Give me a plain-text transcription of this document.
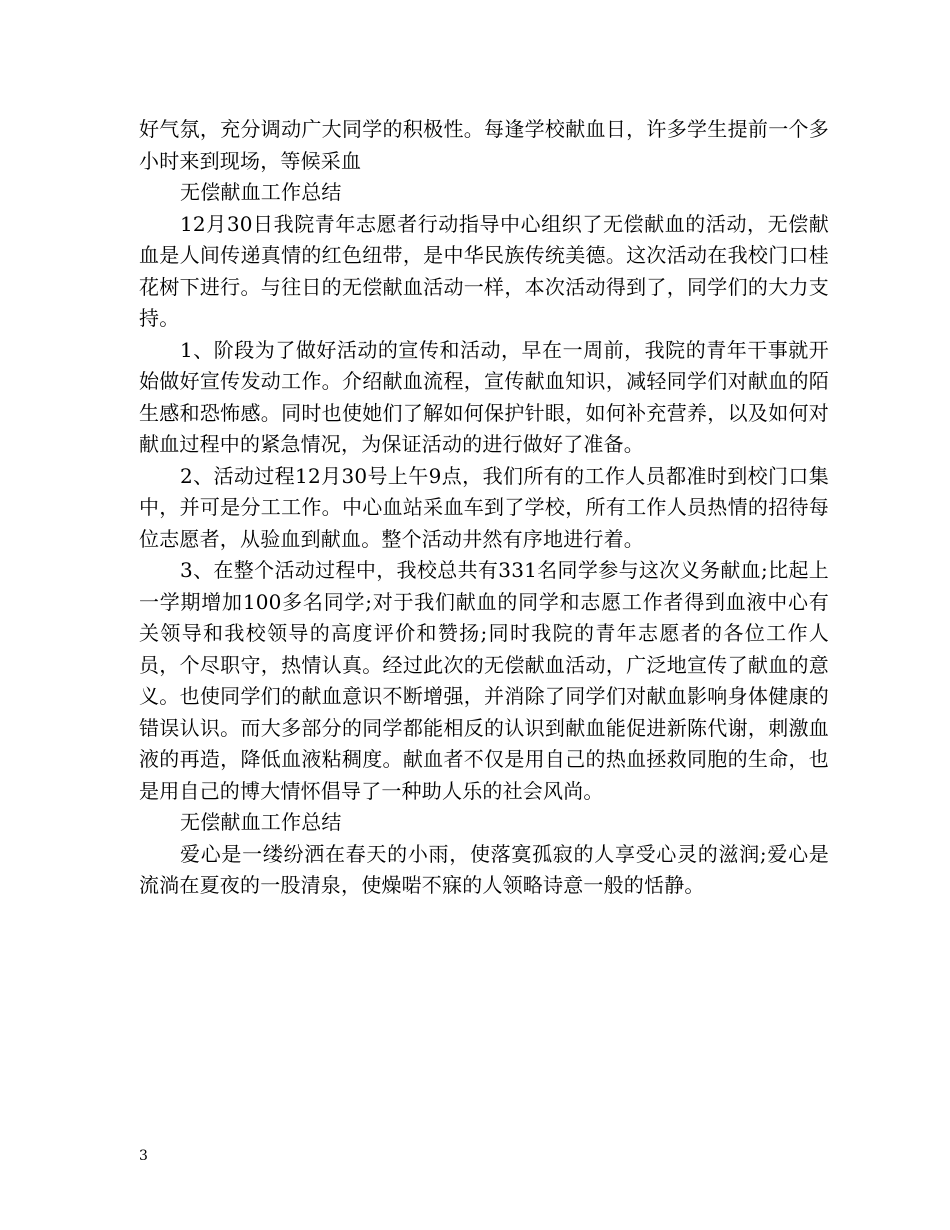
好气氛，充分调动广大同学的积极性。每逢学校献血日，许多学生提前一个多小时来到现场，等候采血

无偿献血工作总结

12月30日我院青年志愿者行动指导中心组织了无偿献血的活动，无偿献血是人间传递真情的红色纽带，是中华民族传统美德。这次活动在我校门口桂花树下进行。与往日的无偿献血活动一样，本次活动得到了，同学们的大力支持。

1、阶段为了做好活动的宣传和活动，早在一周前，我院的青年干事就开始做好宣传发动工作。介绍献血流程，宣传献血知识，减轻同学们对献血的陌生感和恐怖感。同时也使她们了解如何保护针眼，如何补充营养，以及如何对献血过程中的紧急情况，为保证活动的进行做好了准备。

2、活动过程12月30号上午9点，我们所有的工作人员都准时到校门口集中，并可是分工工作。中心血站采血车到了学校，所有工作人员热情的招待每位志愿者，从验血到献血。整个活动井然有序地进行着。

3、在整个活动过程中，我校总共有331名同学参与这次义务献血;比起上一学期增加100多名同学;对于我们献血的同学和志愿工作者得到血液中心有关领导和我校领导的高度评价和赞扬;同时我院的青年志愿者的各位工作人员，个尽职守，热情认真。经过此次的无偿献血活动，广泛地宣传了献血的意义。也使同学们的献血意识不断增强，并消除了同学们对献血影响身体健康的错误认识。而大多部分的同学都能相反的认识到献血能促进新陈代谢，刺激血液的再造，降低血液粘稠度。献血者不仅是用自己的热血拯救同胞的生命，也是用自己的博大情怀倡导了一种助人乐的社会风尚。

无偿献血工作总结

爱心是一缕纷洒在春天的小雨，使落寞孤寂的人享受心灵的滋润;爱心是流淌在夏夜的一股清泉，使燥啱不寐的人领略诗意一般的恬静。

3
